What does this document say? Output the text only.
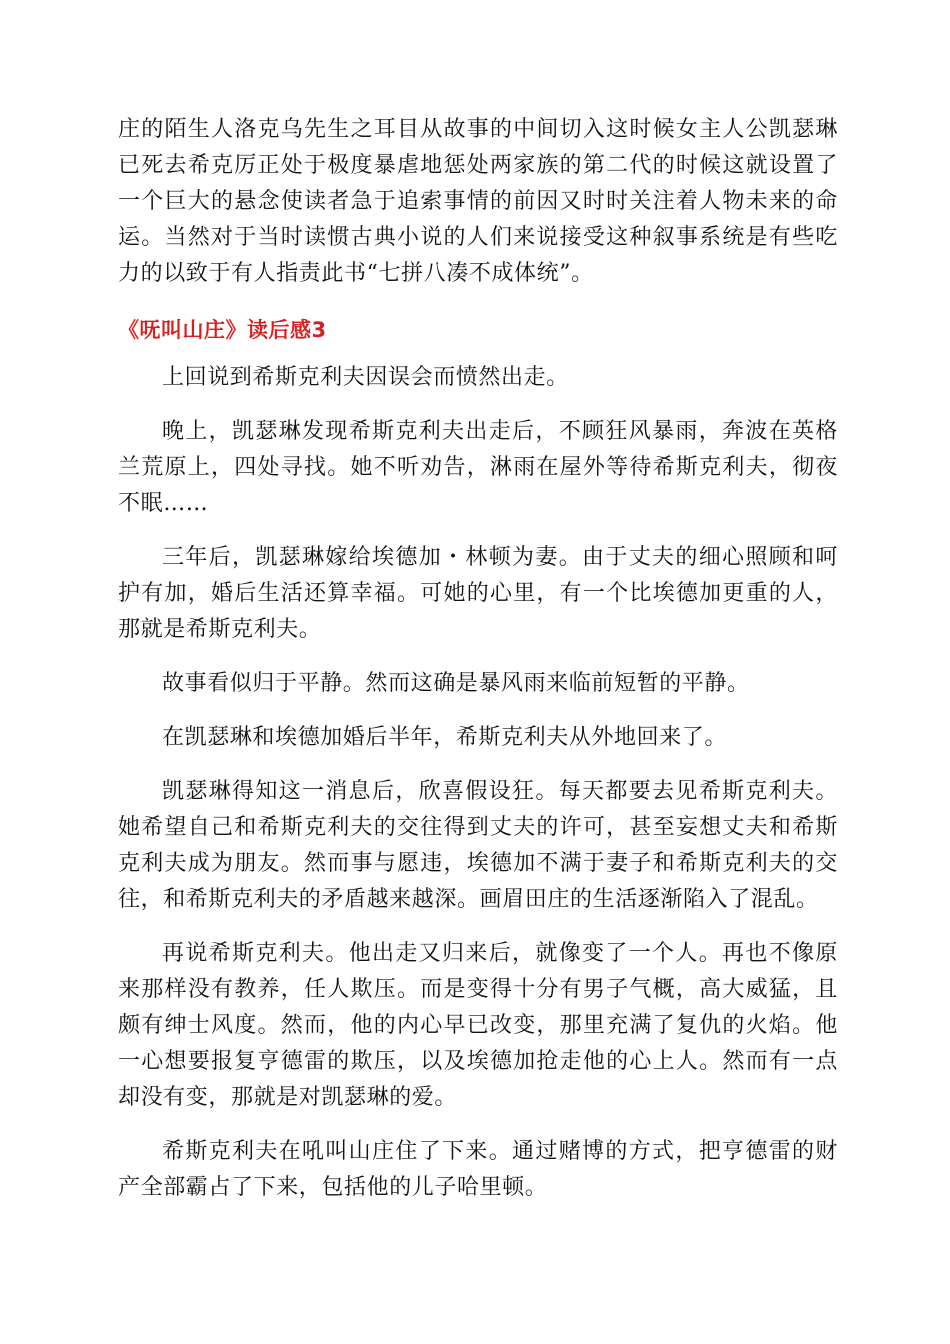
庄的陌生人洛克乌先生之耳目从故事的中间切入这时候女主人公凯瑟琳已死去希克厉正处于极度暴虐地惩处两家族的第二代的时候这就设置了一个巨大的悬念使读者急于追索事情的前因又时时关注着人物未来的命运。当然对于当时读惯古典小说的人们来说接受这种叙事系统是有些吃力的以致于有人指责此书“七拼八凑不成体统”。

《呒叫山庄》读后感3

上回说到希斯克利夫因误会而愤然出走。

晚上，凯瑟琳发现希斯克利夫出走后，不顾狂风暴雨，奔波在英格兰荒原上，四处寻找。她不听劝告，淋雨在屋外等待希斯克利夫，彻夜不眠……

三年后，凯瑟琳嫁给埃德加・林顿为妻。由于丈夫的细心照顾和呵护有加，婚后生活还算幸福。可她的心里，有一个比埃德加更重的人，那就是希斯克利夫。

故事看似归于平静。然而这确是暴风雨来临前短暂的平静。

在凯瑟琳和埃德加婚后半年，希斯克利夫从外地回来了。

凯瑟琳得知这一消息后，欣喜假设狂。每天都要去见希斯克利夫。她希望自己和希斯克利夫的交往得到丈夫的许可，甚至妄想丈夫和希斯克利夫成为朋友。然而事与愿违，埃德加不满于妻子和希斯克利夫的交往，和希斯克利夫的矛盾越来越深。画眉田庄的生活逐渐陷入了混乱。

再说希斯克利夫。他出走又归来后，就像变了一个人。再也不像原来那样没有教养，任人欺压。而是变得十分有男子气概，高大威猛，且颇有绅士风度。然而，他的内心早已改变，那里充满了复仇的火焰。他一心想要报复亨德雷的欺压，以及埃德加抢走他的心上人。然而有一点却没有变，那就是对凯瑟琳的爱。

希斯克利夫在吼叫山庄住了下来。通过赌博的方式，把亨德雷的财产全部霸占了下来，包括他的儿子哈里顿。
